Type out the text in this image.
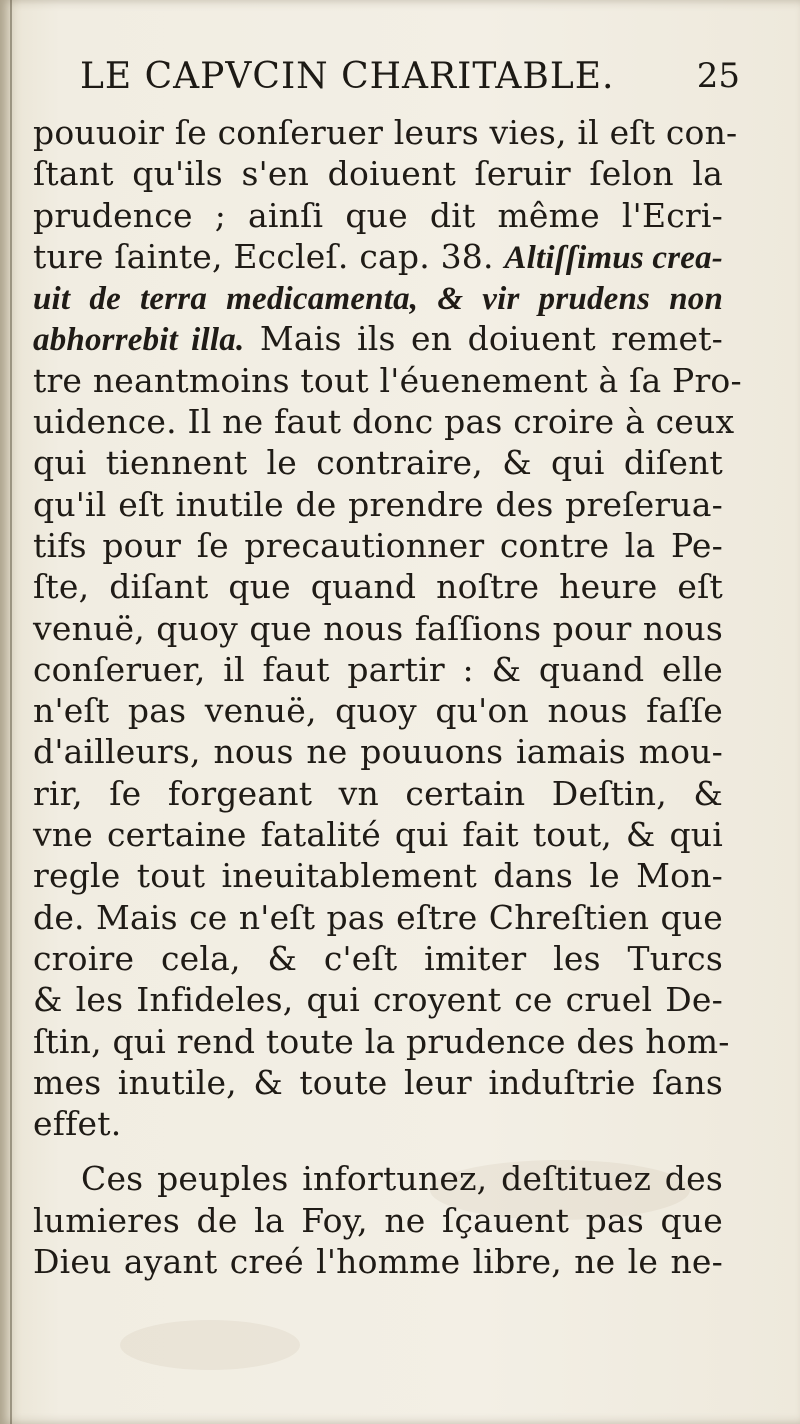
LE CAPVCIN CHARITABLE. 25
pouuoir ſe conſeruer leurs vies, il eſt con-
ſtant qu'ils s'en doiuent ſeruir ſelon la
prudence ; ainſi que dit même l'Ecri-
ture ſainte, Eccleſ. cap. 38. Altiſſimus crea-
uit de terra medicamenta, & vir prudens non
abhorrebit illa. Mais ils en doiuent remet-
tre neantmoins tout l'éuenement à ſa Pro-
uidence. Il ne faut donc pas croire à ceux
qui tiennent le contraire, & qui diſent
qu'il eſt inutile de prendre des preſerua-
tifs pour ſe precautionner contre la Pe-
ſte, diſant que quand noſtre heure eſt
venuë, quoy que nous faſſions pour nous
conſeruer, il faut partir : & quand elle
n'eſt pas venuë, quoy qu'on nous faſſe
d'ailleurs, nous ne pouuons iamais mou-
rir, ſe forgeant vn certain Deſtin, &
vne certaine fatalité qui fait tout, & qui
regle tout ineuitablement dans le Mon-
de. Mais ce n'eſt pas eſtre Chreſtien que
croire cela, & c'eſt imiter les Turcs
& les Infideles, qui croyent ce cruel De-
ſtin, qui rend toute la prudence des hom-
mes inutile, & toute leur induſtrie ſans
effet.
Ces peuples infortunez, deſtituez des
lumieres de la Foy, ne ſçauent pas que
Dieu ayant creé l'homme libre, ne le ne-
